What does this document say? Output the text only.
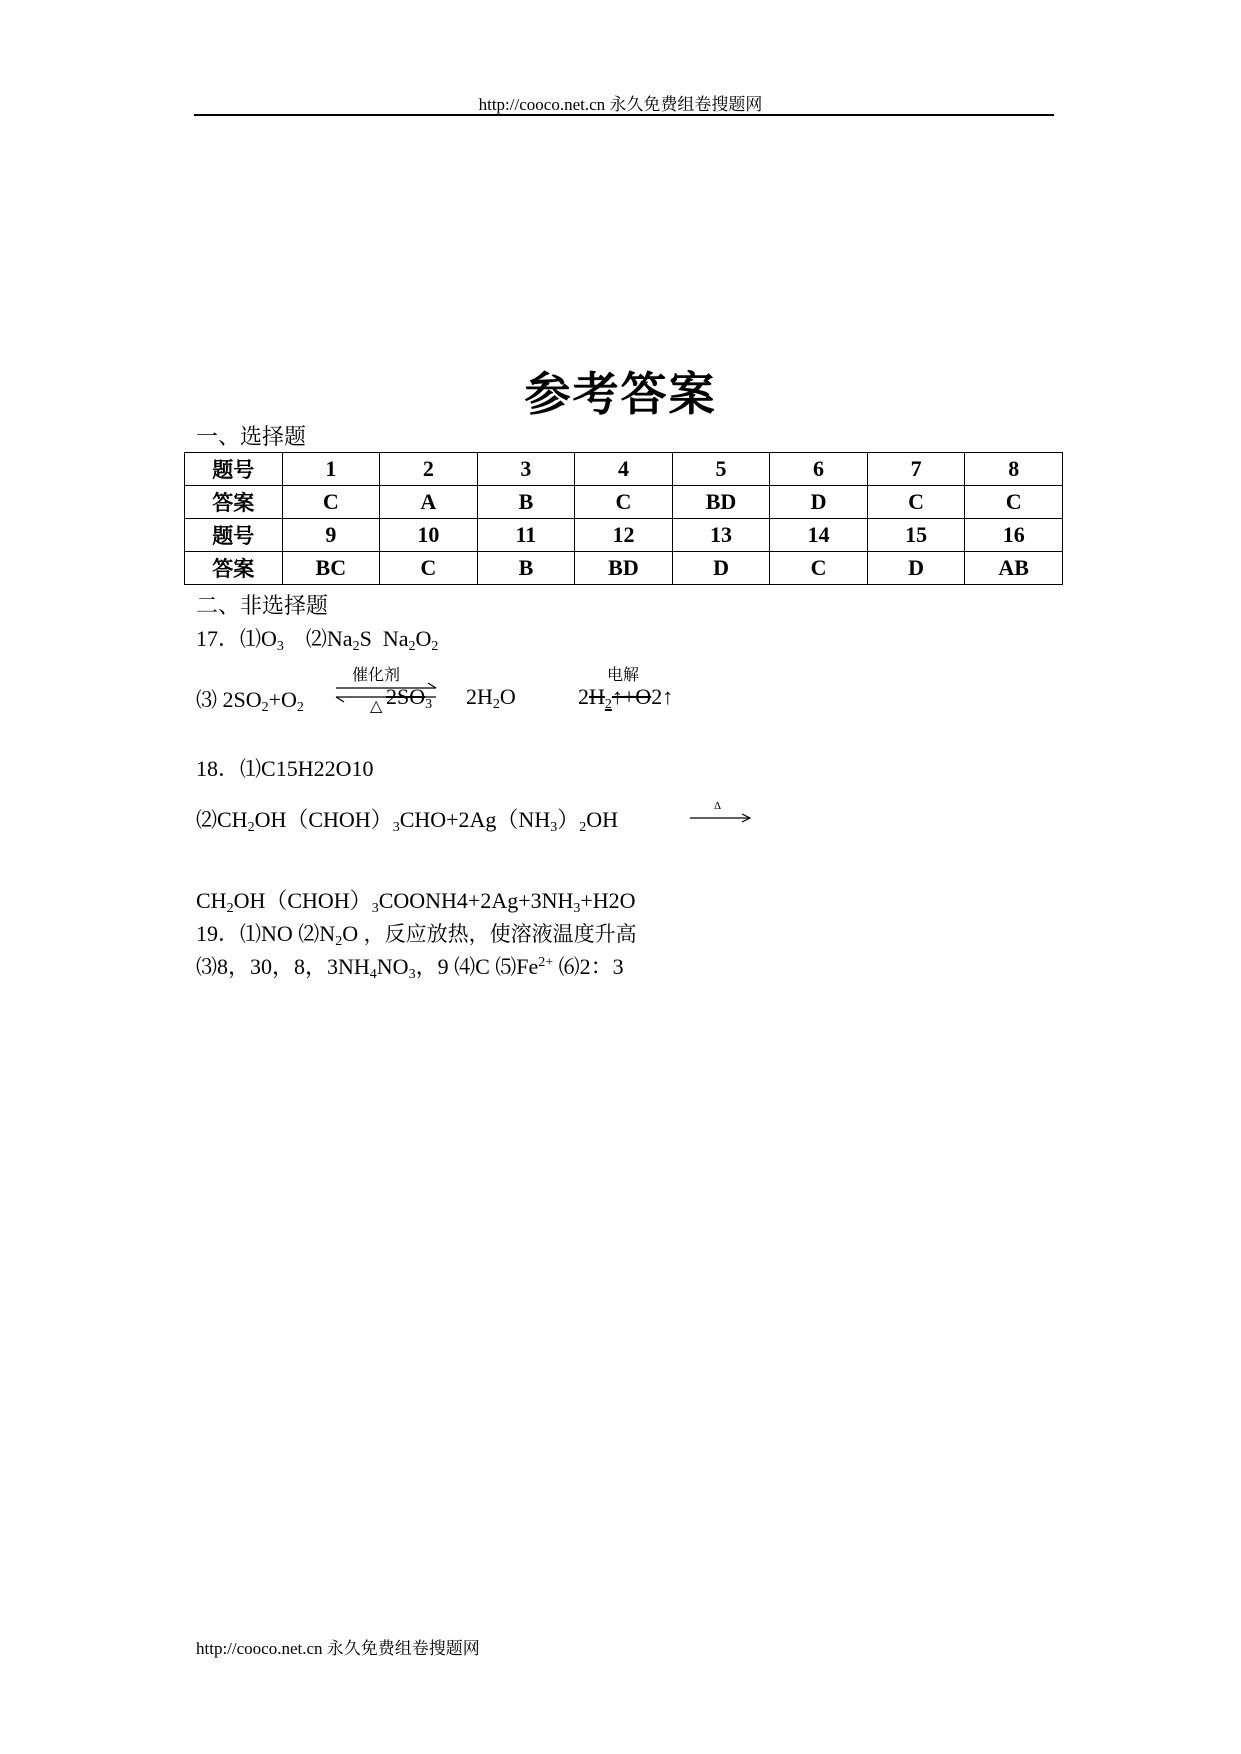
http://cooco.net.cn 永久免费组卷搜题网
参考答案
一、选择题
题号	1	2	3	4	5	6	7	8
答案	C	A	B	C	BD	D	C	C
题号	9	10	11	12	13	14	15	16
答案	BC	C	B	BD	D	C	D	AB
二、非选择题
17．$⑴O_3$ $⑵Na_2S$ $Na_2O_2$
⑶ $2SO_2+O_2$
催化剂
$2SO_3$
△	$2H_2O$
电解
$2H_2↑+O2↑$
18．⑴C15H22O10
$⑵CH_2OH(CHOH)_3CHO+2Ag(NH_3)_2OH$
Δ
$CH_2OH(CHOH)_3COONH4+2Ag+3NH_3+H2O$
19．⑴NO $⑵N_2O$ ，反应放热，使溶液温度升高
⑶8，30，8，$3NH_4NO_3$，9 ⑷C $⑸Fe^{2+}$ ⑹2：3
http://cooco.net.cn 永久免费组卷搜题网
